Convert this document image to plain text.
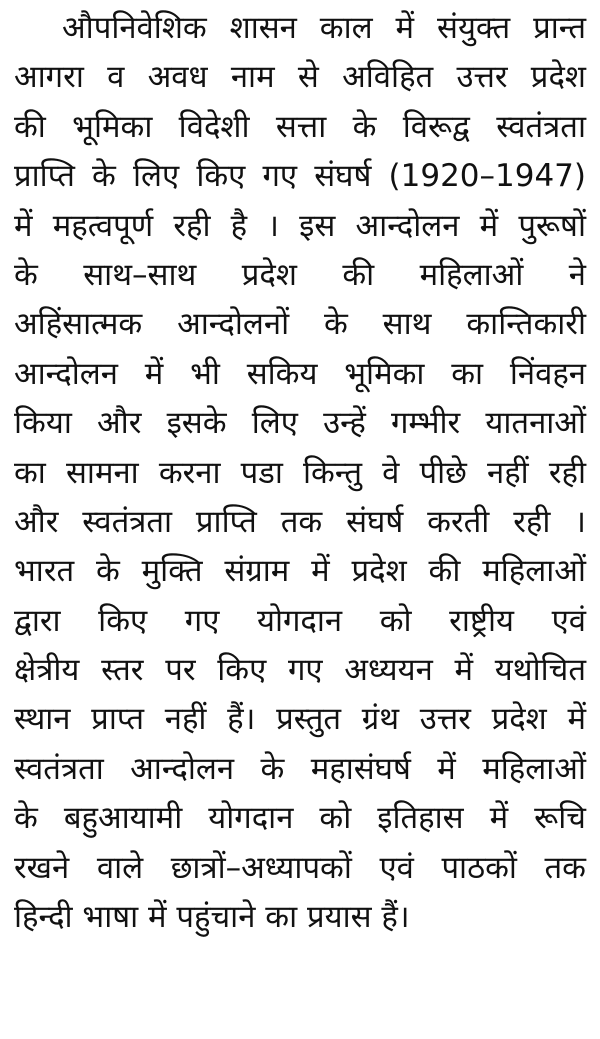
औपनिवेशिक शासन काल में संयुक्त प्रान्त
आगरा व अवध नाम से अविहित उत्तर प्रदेश
की भूमिका विदेशी सत्ता के विरूद्व स्वतंत्रता
प्राप्ति के लिए किए गए संघर्ष (1920–1947)
में महत्वपूर्ण रही है । इस आन्दोलन में पुरूषों
के साथ–साथ प्रदेश की महिलाओं ने
अहिंसात्मक आन्दोलनों के साथ कान्तिकारी
आन्दोलन में भी सकिय भूमिका का निंवहन
किया और इसके लिए उन्हें गम्भीर यातनाओं
का सामना करना पडा किन्तु वे पीछे नहीं रही
और स्वतंत्रता प्राप्ति तक संघर्ष करती रही ।
भारत के मुक्ति संग्राम में प्रदेश की महिलाओं
द्वारा किए गए योगदान को राष्ट्रीय एवं
क्षेत्रीय स्तर पर किए गए अध्ययन में यथोचित
स्थान प्राप्त नहीं हैं। प्रस्तुत ग्रंथ उत्तर प्रदेश में
स्वतंत्रता आन्दोलन के महासंघर्ष में महिलाओं
के बहुआयामी योगदान को इतिहास में रूचि
रखने वाले छात्रों–अध्यापकों एवं पाठकों तक
हिन्दी भाषा में पहुंचाने का प्रयास हैं।
